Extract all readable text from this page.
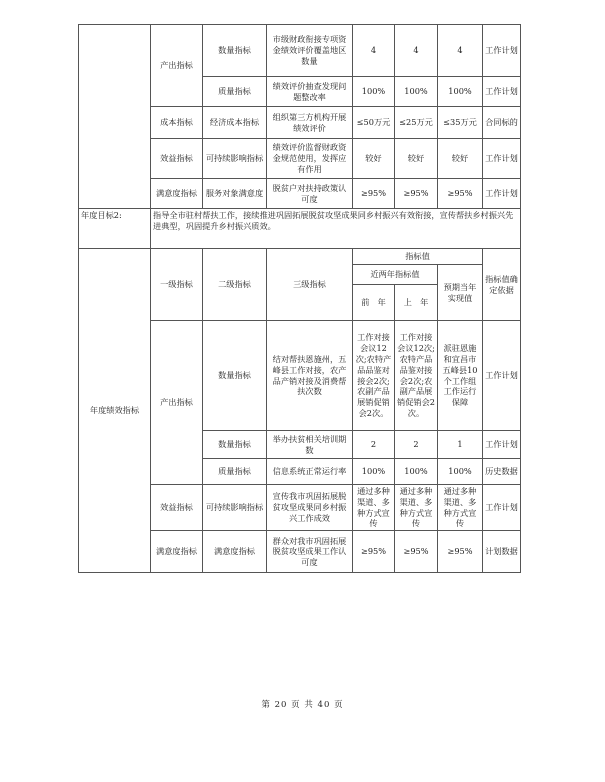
	产出指标	数量指标	市级财政衔接专项资金绩效评价覆盖地区数量	4	4	4	工作计划
		质量指标	绩效评价抽查发现问题整改率	100%	100%	100%	工作计划
	成本指标	经济成本指标	组织第三方机构开展绩效评价	≤50万元	≤25万元	≤35万元	合同标的
	效益指标	可持续影响指标	绩效评价监督财政资金规范使用，发挥应有作用	较好	较好	较好	工作计划
	满意度指标	服务对象满意度	脱贫户对扶持政策认可度	≥95%	≥95%	≥95%	工作计划
年度目标2:	指导全市驻村帮扶工作，接续推进巩固拓展脱贫攻坚成果同乡村振兴有效衔接，宣传帮扶乡村振兴先进典型，巩固提升乡村振兴质效。						
年度绩效指标	一级指标	二级指标	三级指标	指标值			指标值确定依据
				近两年指标值		预期当年实现值	
				前　年	上　年		
	产出指标	数量指标	结对帮扶恩施州，五峰县工作对接，农产品产销对接及消费帮扶次数	工作对接会议12次;农特产品品鉴对接会2次;农副产品展销促销会2次。	工作对接会议12次;农特产品品鉴对接会2次;农副产品展销促销会2次。	派驻恩施和宜昌市五峰县10个工作组工作运行保障	工作计划
		数量指标	举办扶贫相关培训期数	2	2	1	工作计划
		质量指标	信息系统正常运行率	100%	100%	100%	历史数据
	效益指标	可持续影响指标	宣传我市巩固拓展脱贫攻坚成果同乡村振兴工作成效	通过多种渠道、多种方式宣传	通过多种渠道、多种方式宣传	通过多种渠道、多种方式宣传	工作计划
	满意度指标	满意度指标	群众对我市巩固拓展脱贫攻坚成果工作认可度	≥95%	≥95%	≥95%	计划数据
第 20 页 共 40 页
